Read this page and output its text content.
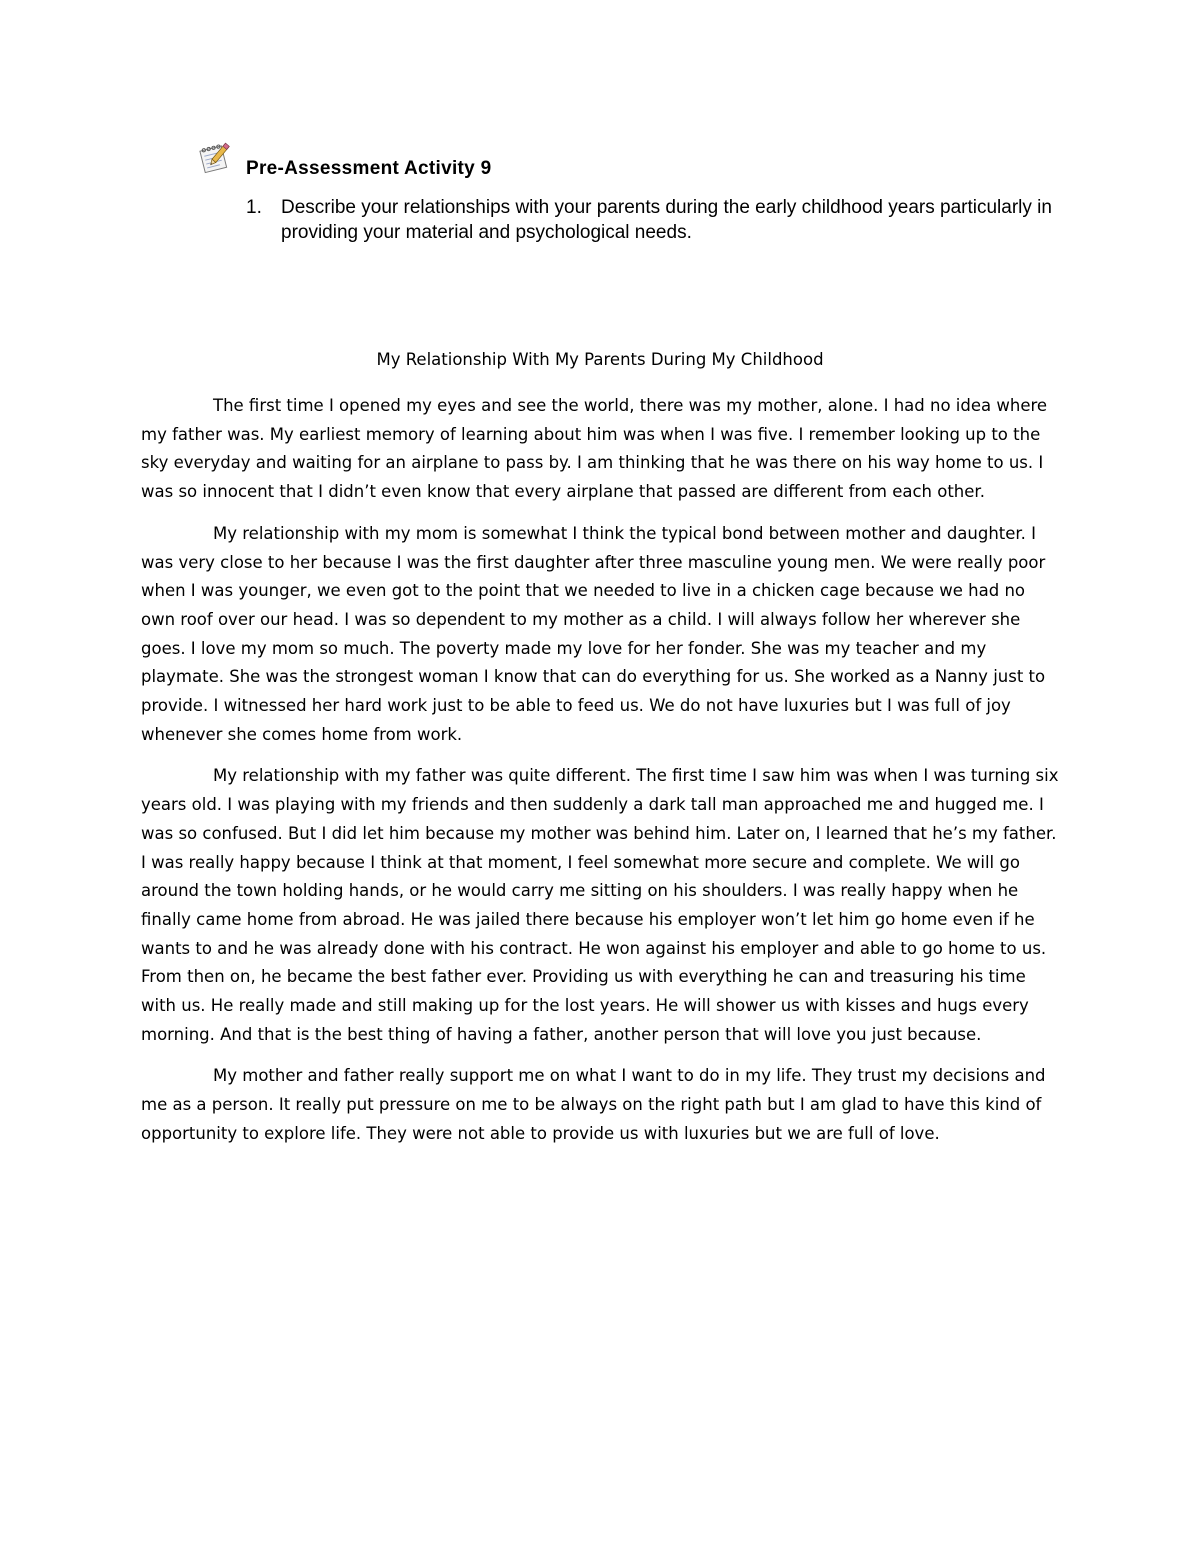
Pre-Assessment Activity 9
1. Describe your relationships with your parents during the early childhood years particularly in providing your material and psychological needs.
My Relationship With My Parents During My Childhood

The first time I opened my eyes and see the world, there was my mother, alone. I had no idea where my father was. My earliest memory of learning about him was when I was five. I remember looking up to the sky everyday and waiting for an airplane to pass by. I am thinking that he was there on his way home to us. I was so innocent that I didn’t even know that every airplane that passed are different from each other.

My relationship with my mom is somewhat I think the typical bond between mother and daughter. I was very close to her because I was the first daughter after three masculine young men. We were really poor when I was younger, we even got to the point that we needed to live in a chicken cage because we had no own roof over our head. I was so dependent to my mother as a child. I will always follow her wherever she goes. I love my mom so much. The poverty made my love for her fonder. She was my teacher and my playmate. She was the strongest woman I know that can do everything for us. She worked as a Nanny just to provide. I witnessed her hard work just to be able to feed us. We do not have luxuries but I was full of joy whenever she comes home from work.

My relationship with my father was quite different. The first time I saw him was when I was turning six years old. I was playing with my friends and then suddenly a dark tall man approached me and hugged me. I was so confused. But I did let him because my mother was behind him. Later on, I learned that he’s my father. I was really happy because I think at that moment, I feel somewhat more secure and complete. We will go around the town holding hands, or he would carry me sitting on his shoulders. I was really happy when he finally came home from abroad. He was jailed there because his employer won’t let him go home even if he wants to and he was already done with his contract. He won against his employer and able to go home to us. From then on, he became the best father ever. Providing us with everything he can and treasuring his time with us. He really made and still making up for the lost years. He will shower us with kisses and hugs every morning. And that is the best thing of having a father, another person that will love you just because.

My mother and father really support me on what I want to do in my life. They trust my decisions and me as a person. It really put pressure on me to be always on the right path but I am glad to have this kind of opportunity to explore life. They were not able to provide us with luxuries but we are full of love.
